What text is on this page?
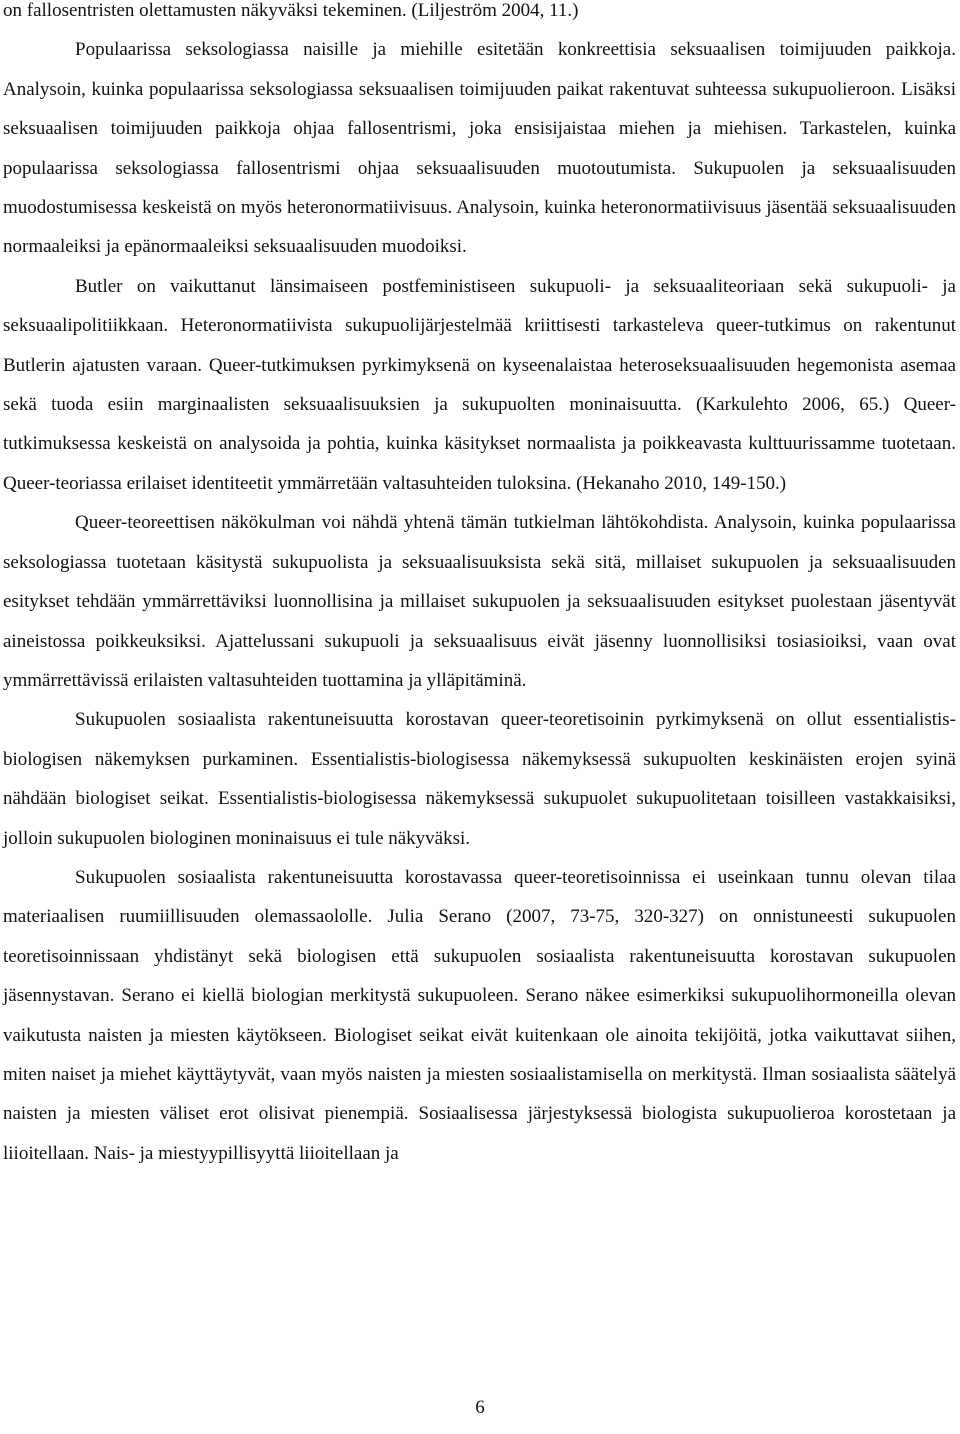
on fallosentristen olettamusten näkyväksi tekeminen. (Liljeström 2004, 11.)

Populaarissa seksologiassa naisille ja miehille esitetään konkreettisia seksuaalisen toimijuuden paikkoja. Analysoin, kuinka populaarissa seksologiassa seksuaalisen toimijuuden paikat rakentuvat suhteessa sukupuolieroon. Lisäksi seksuaalisen toimijuuden paikkoja ohjaa fallosentrismi, joka ensisijaistaa miehen ja miehisen. Tarkastelen, kuinka populaarissa seksologiassa fallosentrismi ohjaa seksuaalisuuden muotoutumista. Sukupuolen ja seksuaalisuuden muodostumisessa keskeistä on myös heteronormatiivisuus. Analysoin, kuinka heteronormatiivisuus jäsentää seksuaalisuuden normaaleiksi ja epänormaaleiksi seksuaalisuuden muodoiksi.

Butler on vaikuttanut länsimaiseen postfeministiseen sukupuoli- ja seksuaaliteoriaan sekä sukupuoli- ja seksuaalipolitiikkaan. Heteronormatiivista sukupuolijärjestelmää kriittisesti tarkasteleva queer-tutkimus on rakentunut Butlerin ajatusten varaan. Queer-tutkimuksen pyrkimyksenä on kyseenalaistaa heteroseksuaalisuuden hegemonista asemaa sekä tuoda esiin marginaalisten seksuaalisuuksien ja sukupuolten moninaisuutta. (Karkulehto 2006, 65.) Queer-tutkimuksessa keskeistä on analysoida ja pohtia, kuinka käsitykset normaalista ja poikkeavasta kulttuurissamme tuotetaan. Queer-teoriassa erilaiset identiteetit ymmärretään valtasuhteiden tuloksina. (Hekanaho 2010, 149-150.)

Queer-teoreettisen näkökulman voi nähdä yhtenä tämän tutkielman lähtökohdista. Analysoin, kuinka populaarissa seksologiassa tuotetaan käsitystä sukupuolista ja seksuaalisuuksista sekä sitä, millaiset sukupuolen ja seksuaalisuuden esitykset tehdään ymmärrettäviksi luonnollisina ja millaiset sukupuolen ja seksuaalisuuden esitykset puolestaan jäsentyvät aineistossa poikkeuksiksi. Ajattelussani sukupuoli ja seksuaalisuus eivät jäsenny luonnollisiksi tosiasioiksi, vaan ovat ymmärrettävissä erilaisten valtasuhteiden tuottamina ja ylläpitäminä.

Sukupuolen sosiaalista rakentuneisuutta korostavan queer-teoretisoinin pyrkimyksenä on ollut essentialistis-biologisen näkemyksen purkaminen. Essentialistis-biologisessa näkemyksessä sukupuolten keskinäisten erojen syinä nähdään biologiset seikat. Essentialistis-biologisessa näkemyksessä sukupuolet sukupuolitetaan toisilleen vastakkaisiksi, jolloin sukupuolen biologinen moninaisuus ei tule näkyväksi.

Sukupuolen sosiaalista rakentuneisuutta korostavassa queer-teoretisoinnissa ei useinkaan tunnu olevan tilaa materiaalisen ruumiillisuuden olemassaololle. Julia Serano (2007, 73-75, 320-327) on onnistuneesti sukupuolen teoretisoinnissaan yhdistänyt sekä biologisen että sukupuolen sosiaalista rakentuneisuutta korostavan sukupuolen jäsennystavan. Serano ei kiellä biologian merkitystä sukupuoleen. Serano näkee esimerkiksi sukupuolihormoneilla olevan vaikutusta naisten ja miesten käytökseen. Biologiset seikat eivät kuitenkaan ole ainoita tekijöitä, jotka vaikuttavat siihen, miten naiset ja miehet käyttäytyvät, vaan myös naisten ja miesten sosiaalistamisella on merkitystä. Ilman sosiaalista säätelyä naisten ja miesten väliset erot olisivat pienempiä. Sosiaalisessa järjestyksessä biologista sukupuolieroa korostetaan ja liioitellaan. Nais- ja miestyypillisyyttä liioitellaan ja

6
